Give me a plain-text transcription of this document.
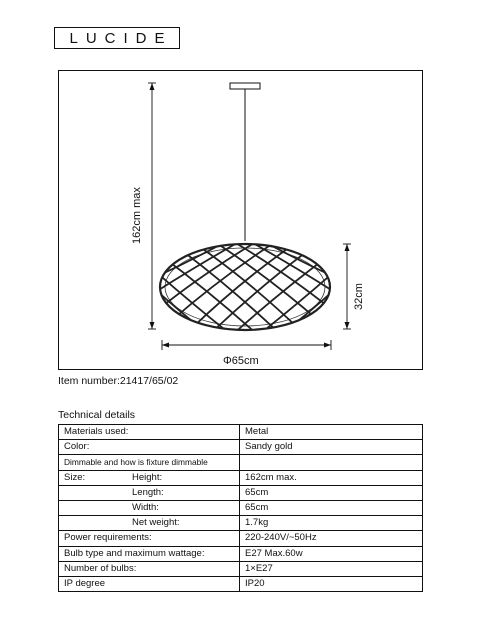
LUCIDE
162cm max
32cm
Φ65cm
Item number:21417/65/02
Technical details
Materials used:	Metal
Color:	Sandy gold
Dimmable and how is fixture dimmable	
Size: Height:	162cm max.
Length:	65cm
Width:	65cm
Net weight:	1.7kg
Power requirements:	220-240V/~50Hz
Bulb type and maximum wattage:	E27 Max.60w
Number of bulbs:	1×E27
IP degree	IP20
